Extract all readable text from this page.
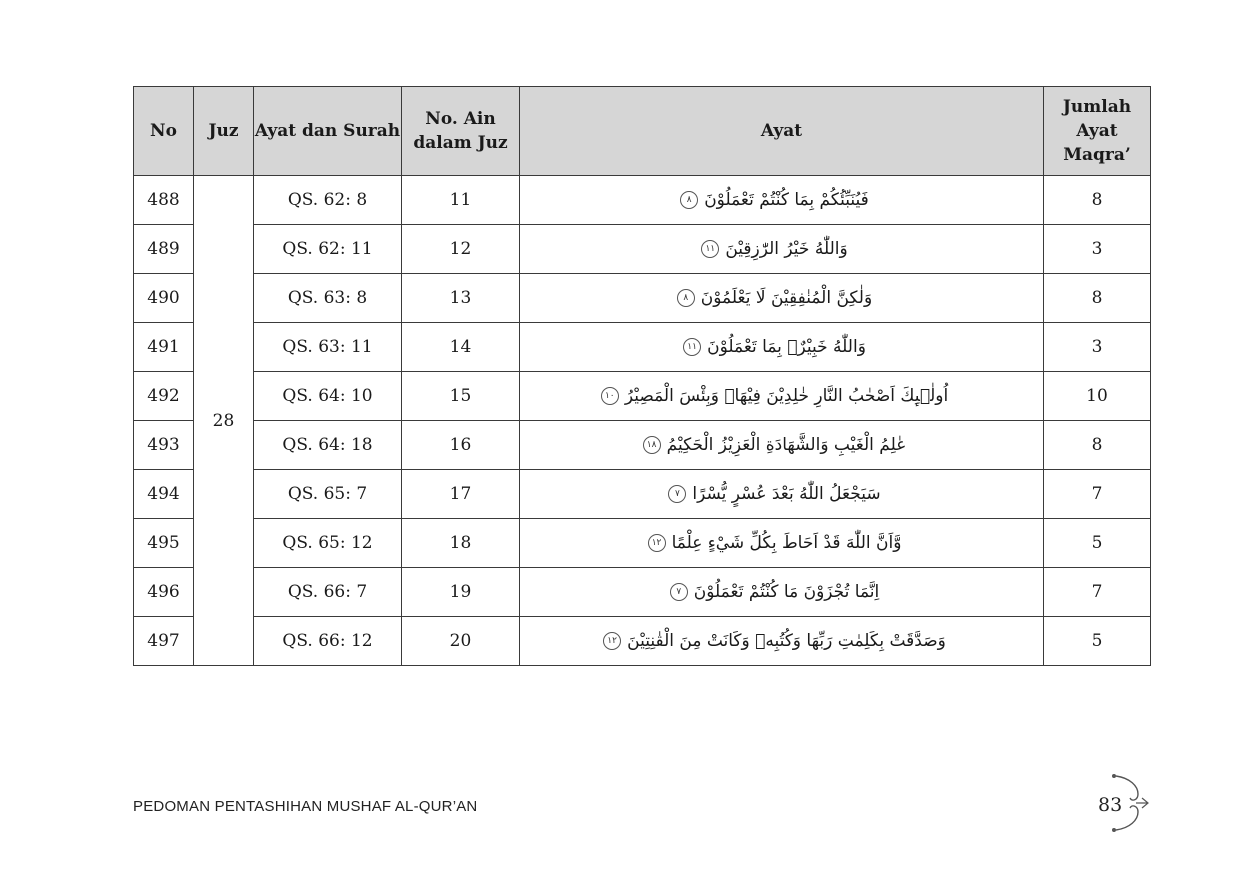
No	Juz	Ayat dan Surah	No. Ain dalam Juz	Ayat	Jumlah Ayat Maqra’
488	28	QS. 62: 8	11	فَيُنَبِّئُكُمْ بِمَا كُنْتُمْ تَعْمَلُوْنَ٨	8
489		QS. 62: 11	12	وَاللّٰهُ خَيْرُ الرّٰزِقِيْنَ١١	3
490		QS. 63: 8	13	وَلٰكِنَّ الْمُنٰفِقِيْنَ لَا يَعْلَمُوْنَ٨	8
491		QS. 63: 11	14	وَاللّٰهُ خَبِيْرٌۢ بِمَا تَعْمَلُوْنَ١١	3
492		QS. 64: 10	15	اُولٰۤىِٕكَ اَصْحٰبُ النَّارِ خٰلِدِيْنَ فِيْهَاۗ وَبِئْسَ الْمَصِيْرُ١٠	10
493		QS. 64: 18	16	عٰلِمُ الْغَيْبِ وَالشَّهَادَةِ الْعَزِيْزُ الْحَكِيْمُ١٨	8
494		QS. 65: 7	17	سَيَجْعَلُ اللّٰهُ بَعْدَ عُسْرٍ يُّسْرًا٧	7
495		QS. 65: 12	18	وَّاَنَّ اللّٰهَ قَدْ اَحَاطَ بِكُلِّ شَيْءٍ عِلْمًا١٢	5
496		QS. 66: 7	19	اِنَّمَا تُجْزَوْنَ مَا كُنْتُمْ تَعْمَلُوْنَ٧	7
497		QS. 66: 12	20	وَصَدَّقَتْ بِكَلِمٰتِ رَبِّهَا وَكُتُبِهٖ وَكَانَتْ مِنَ الْقٰنِتِيْنَ١٢	5
PEDOMAN PENTASHIHAN MUSHAF AL-QUR’AN	83
